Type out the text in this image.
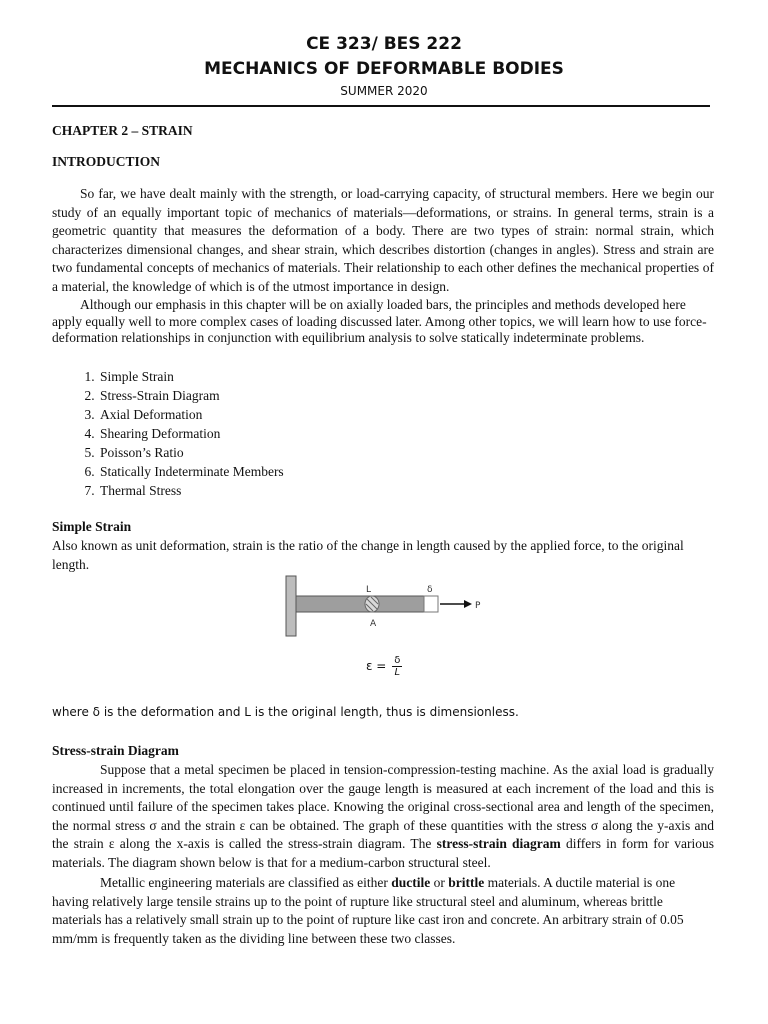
CE 323/ BES 222
MECHANICS OF DEFORMABLE BODIES
SUMMER 2020
CHAPTER 2 – STRAIN
INTRODUCTION
So far, we have dealt mainly with the strength, or load-carrying capacity, of structural members. Here we begin our study of an equally important topic of mechanics of materials—deformations, or strains. In general terms, strain is a geometric quantity that measures the deformation of a body. There are two types of strain: normal strain, which characterizes dimensional changes, and shear strain, which describes distortion (changes in angles). Stress and strain are two fundamental concepts of mechanics of materials. Their relationship to each other defines the mechanical properties of a material, the knowledge of which is of the utmost importance in design.
Although our emphasis in this chapter will be on axially loaded bars, the principles and methods developed here apply equally well to more complex cases of loading discussed later. Among other topics, we will learn how to use force-deformation relationships in conjunction with equilibrium analysis to solve statically indeterminate problems.
1. Simple Strain
2. Stress-Strain Diagram
3. Axial Deformation
4. Shearing Deformation
5. Poisson’s Ratio
6. Statically Indeterminate Members
7. Thermal Stress
Simple Strain
Also known as unit deformation, strain is the ratio of the change in length caused by the applied force, to the original length.
L	δ
P
A
$\varepsilon = \frac{\delta}{L}$
where δ is the deformation and L is the original length, thus is dimensionless.
Stress-strain Diagram
Suppose that a metal specimen be placed in tension-compression-testing machine. As the axial load is gradually increased in increments, the total elongation over the gauge length is measured at each increment of the load and this is continued until failure of the specimen takes place. Knowing the original cross-sectional area and length of the specimen, the normal stress σ and the strain ε can be obtained. The graph of these quantities with the stress σ along the y-axis and the strain ε along the x-axis is called the stress-strain diagram. The stress-strain diagram differs in form for various materials. The diagram shown below is that for a medium-carbon structural steel.
Metallic engineering materials are classified as either ductile or brittle materials. A ductile material is one having relatively large tensile strains up to the point of rupture like structural steel and aluminum, whereas brittle materials has a relatively small strain up to the point of rupture like cast iron and concrete. An arbitrary strain of 0.05 mm/mm is frequently taken as the dividing line between these two classes.
